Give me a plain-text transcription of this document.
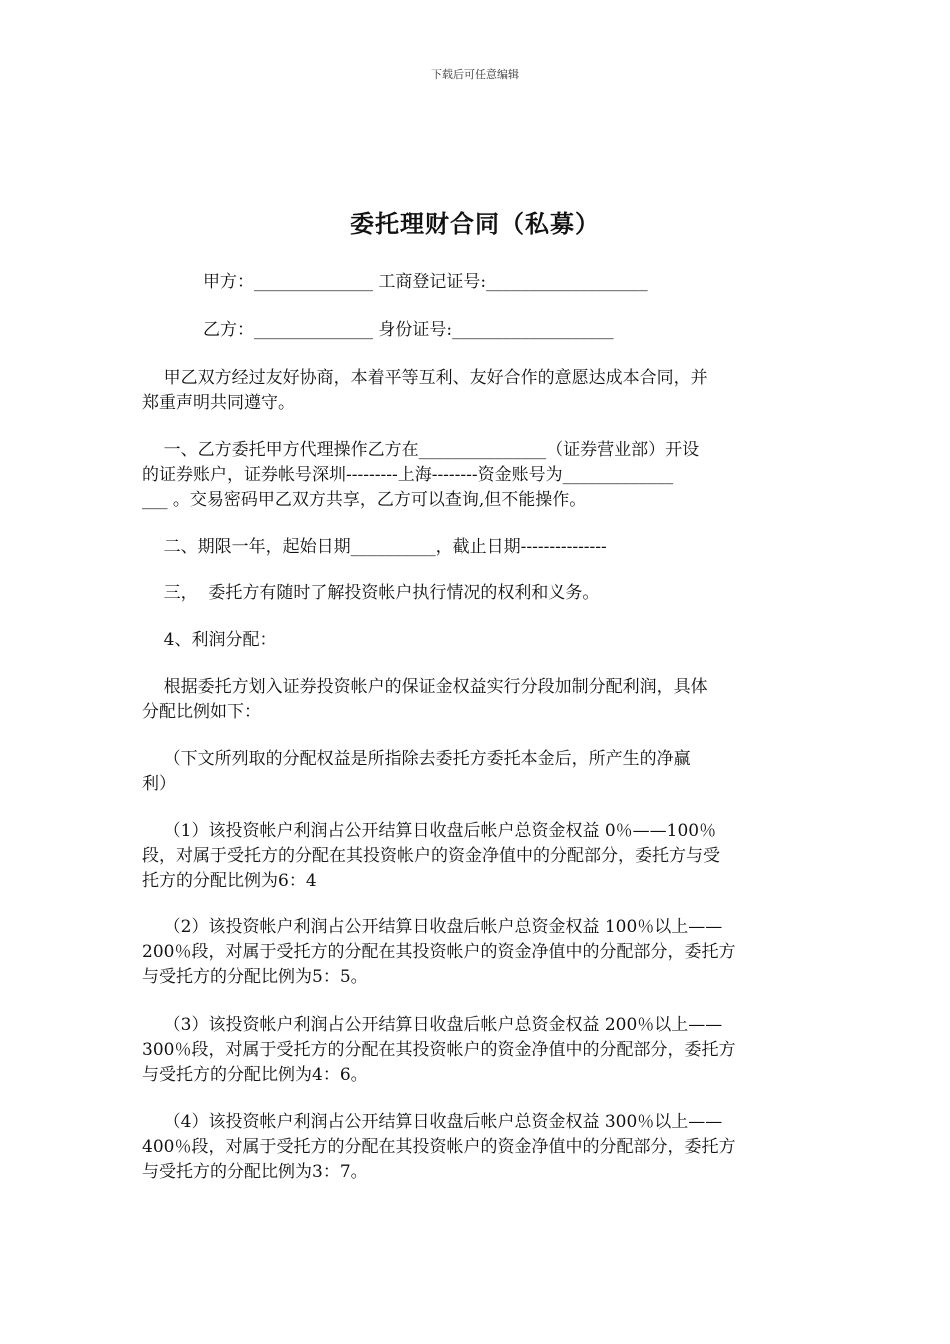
下载后可任意编辑
委托理财合同（私募）
甲方：______________ 工商登记证号:___________________
乙方：______________ 身份证号:___________________
甲乙双方经过友好协商，本着平等互利、友好合作的意愿达成本合同，并
郑重声明共同遵守。
一、乙方委托甲方代理操作乙方在_______________（证券营业部）开设
的证券账户，证券帐号深圳---------上海--------资金账号为_____________
___ 。交易密码甲乙双方共享，乙方可以查询,但不能操作。
二、期限一年，起始日期__________，截止日期---------------
三，  委托方有随时了解投资帐户执行情况的权利和义务。
4、利润分配：
根据委托方划入证券投资帐户的保证金权益实行分段加制分配利润，具体
分配比例如下：
（下文所列取的分配权益是所指除去委托方委托本金后，所产生的净赢
利）
（1）该投资帐户利润占公开结算日收盘后帐户总资金权益 0％——100％
段，对属于受托方的分配在其投资帐户的资金净值中的分配部分，委托方与受
托方的分配比例为6：4
（2）该投资帐户利润占公开结算日收盘后帐户总资金权益 100％以上——
200％段，对属于受托方的分配在其投资帐户的资金净值中的分配部分，委托方
与受托方的分配比例为5：5。
（3）该投资帐户利润占公开结算日收盘后帐户总资金权益 200％以上——
300％段，对属于受托方的分配在其投资帐户的资金净值中的分配部分，委托方
与受托方的分配比例为4：6。
（4）该投资帐户利润占公开结算日收盘后帐户总资金权益 300％以上——
400％段，对属于受托方的分配在其投资帐户的资金净值中的分配部分，委托方
与受托方的分配比例为3：7。
